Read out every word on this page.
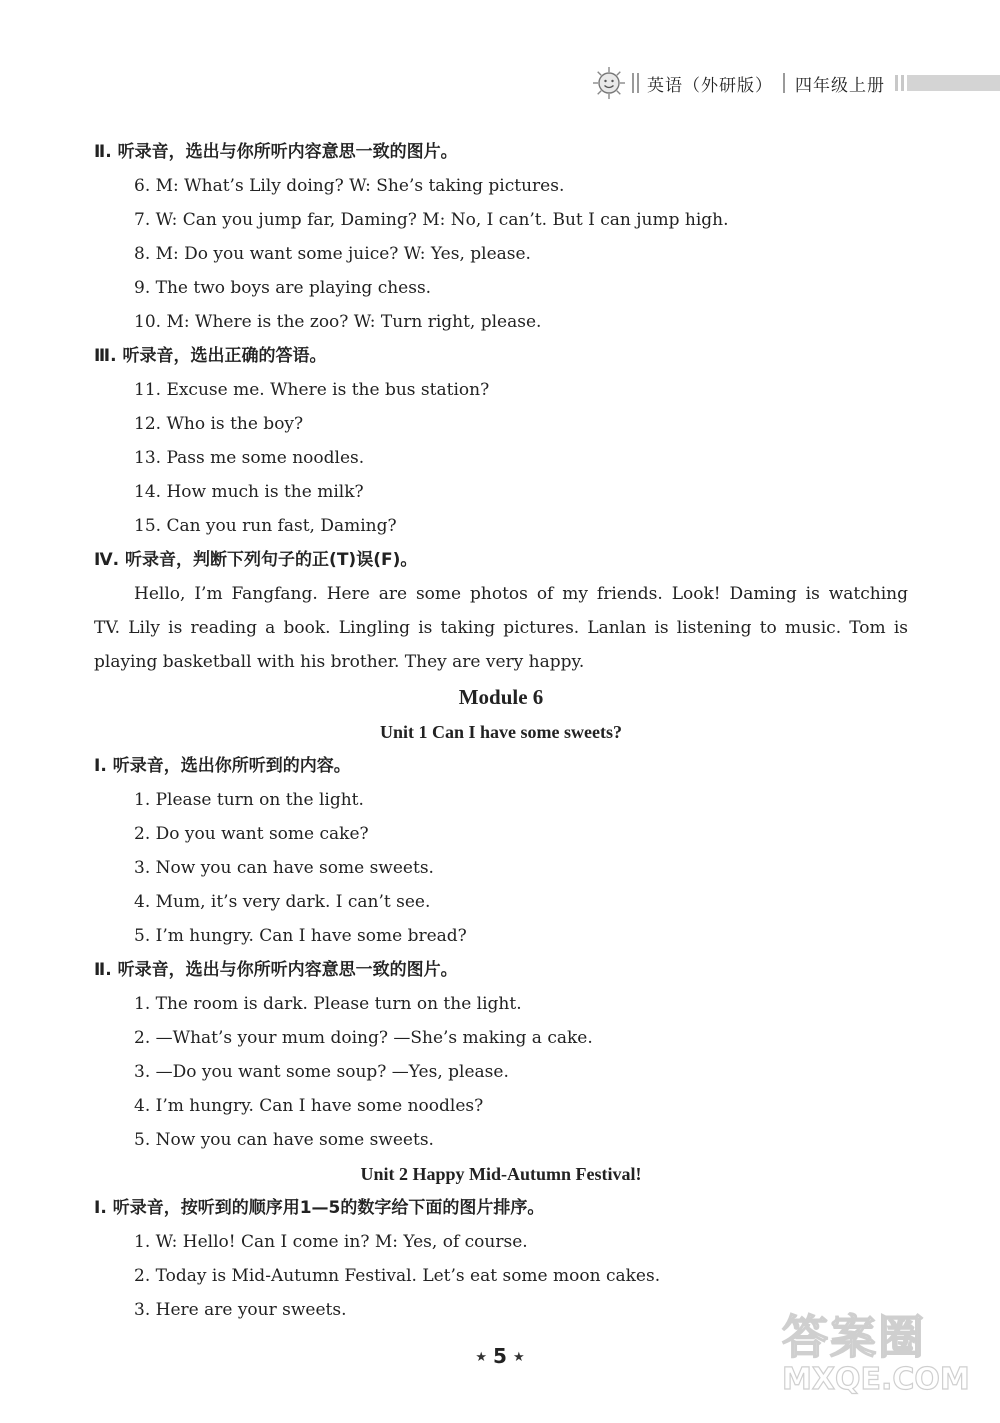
英语（外研版） 四年级上册
Ⅱ. 听录音，选出与你所听内容意思一致的图片。
6. M: What’s Lily doing? W: She’s taking pictures.
7. W: Can you jump far, Daming? M: No, I can’t. But I can jump high.
8. M: Do you want some juice? W: Yes, please.
9. The two boys are playing chess.
10. M: Where is the zoo? W: Turn right, please.
Ⅲ. 听录音，选出正确的答语。
11. Excuse me. Where is the bus station?
12. Who is the boy?
13. Pass me some noodles.
14. How much is the milk?
15. Can you run fast, Daming?
Ⅳ. 听录音，判断下列句子的正(T)误(F)。
Hello, I’m Fangfang. Here are some photos of my friends. Look! Daming is watching
TV. Lily is reading a book. Lingling is taking pictures. Lanlan is listening to music. Tom is
playing basketball with his brother. They are very happy.
Module 6
Unit 1 Can I have some sweets?
Ⅰ. 听录音，选出你所听到的内容。
1. Please turn on the light.
2. Do you want some cake?
3. Now you can have some sweets.
4. Mum, it’s very dark. I can’t see.
5. I’m hungry. Can I have some bread?
Ⅱ. 听录音，选出与你所听内容意思一致的图片。
1. The room is dark. Please turn on the light.
2. —What’s your mum doing? —She’s making a cake.
3. —Do you want some soup? —Yes, please.
4. I’m hungry. Can I have some noodles?
5. Now you can have some sweets.
Unit 2 Happy Mid-Autumn Festival!
Ⅰ. 听录音，按听到的顺序用1—5的数字给下面的图片排序。
1. W: Hello! Can I come in? M: Yes, of course.
2. Today is Mid-Autumn Festival. Let’s eat some moon cakes.
3. Here are your sweets.
★ 5 ★	答案圈
MXQE.COM
